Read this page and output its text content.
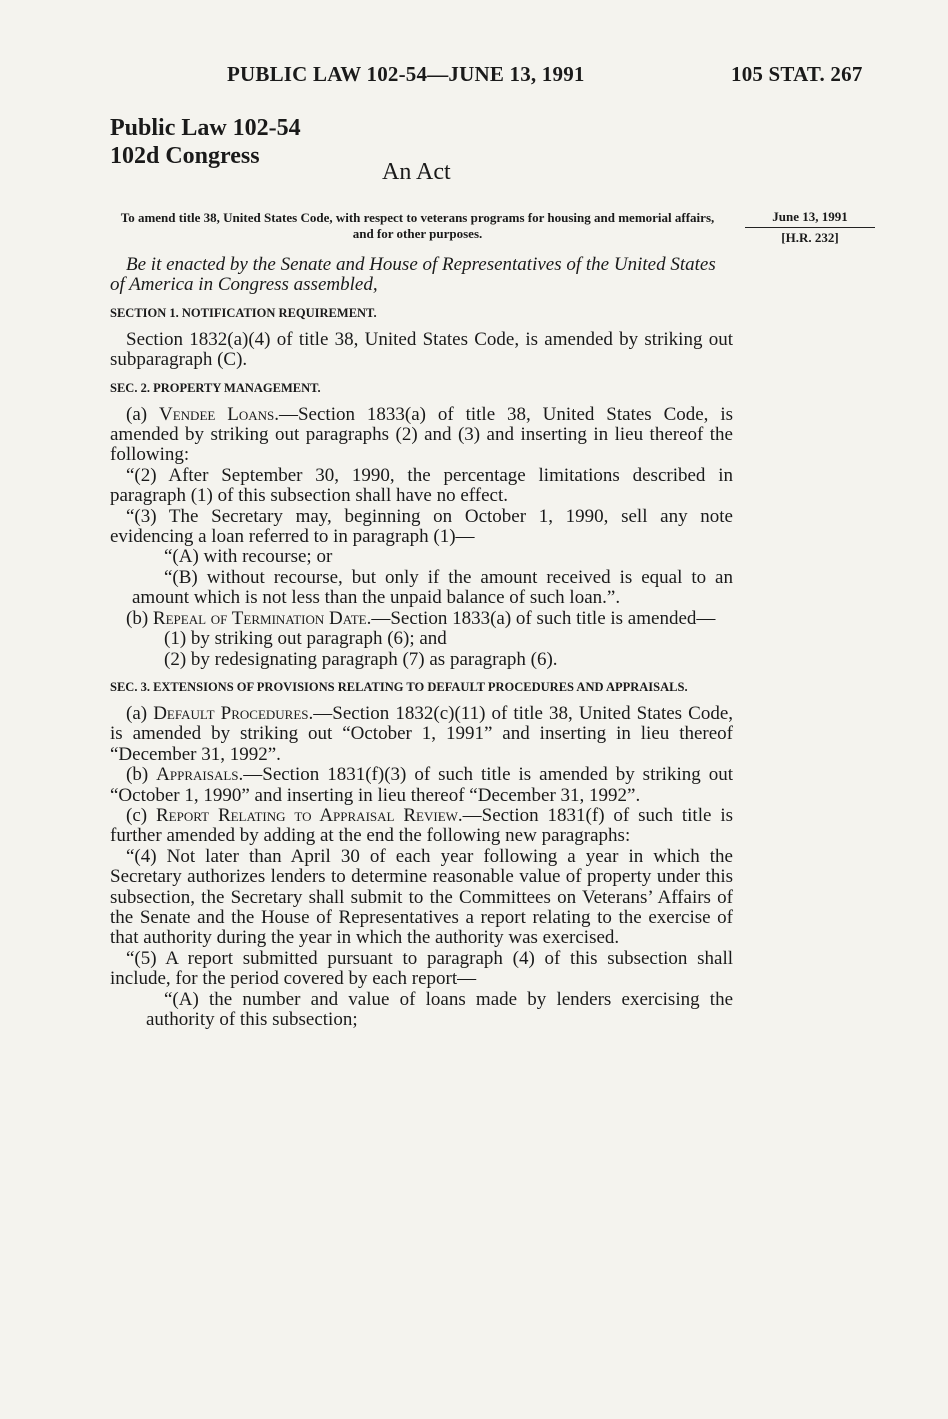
PUBLIC LAW 102-54—JUNE 13, 1991	105 STAT. 267
Public Law 102-54
102d Congress
An Act
To amend title 38, United States Code, with respect to veterans programs for housing and memorial affairs, and for other purposes.
June 13, 1991
[H.R. 232]

Be it enacted by the Senate and House of Representatives of the United States of America in Congress assembled,

SECTION 1. NOTIFICATION REQUIREMENT.

Section 1832(a)(4) of title 38, United States Code, is amended by striking out subparagraph (C).

SEC. 2. PROPERTY MANAGEMENT.

(a) Vendee Loans.—Section 1833(a) of title 38, United States Code, is amended by striking out paragraphs (2) and (3) and inserting in lieu thereof the following:

“(2) After September 30, 1990, the percentage limitations described in paragraph (1) of this subsection shall have no effect.

“(3) The Secretary may, beginning on October 1, 1990, sell any note evidencing a loan referred to in paragraph (1)—

“(A) with recourse; or

“(B) without recourse, but only if the amount received is equal to an amount which is not less than the unpaid balance of such loan.”.

(b) Repeal of Termination Date.—Section 1833(a) of such title is amended—

(1) by striking out paragraph (6); and

(2) by redesignating paragraph (7) as paragraph (6).

SEC. 3. EXTENSIONS OF PROVISIONS RELATING TO DEFAULT PROCEDURES AND APPRAISALS.

(a) Default Procedures.—Section 1832(c)(11) of title 38, United States Code, is amended by striking out “October 1, 1991” and inserting in lieu thereof “December 31, 1992”.

(b) Appraisals.—Section 1831(f)(3) of such title is amended by striking out “October 1, 1990” and inserting in lieu thereof “December 31, 1992”.

(c) Report Relating to Appraisal Review.—Section 1831(f) of such title is further amended by adding at the end the following new paragraphs:

“(4) Not later than April 30 of each year following a year in which the Secretary authorizes lenders to determine reasonable value of property under this subsection, the Secretary shall submit to the Committees on Veterans’ Affairs of the Senate and the House of Representatives a report relating to the exercise of that authority during the year in which the authority was exercised.

“(5) A report submitted pursuant to paragraph (4) of this subsection shall include, for the period covered by each report—

“(A) the number and value of loans made by lenders exercising the authority of this subsection;
